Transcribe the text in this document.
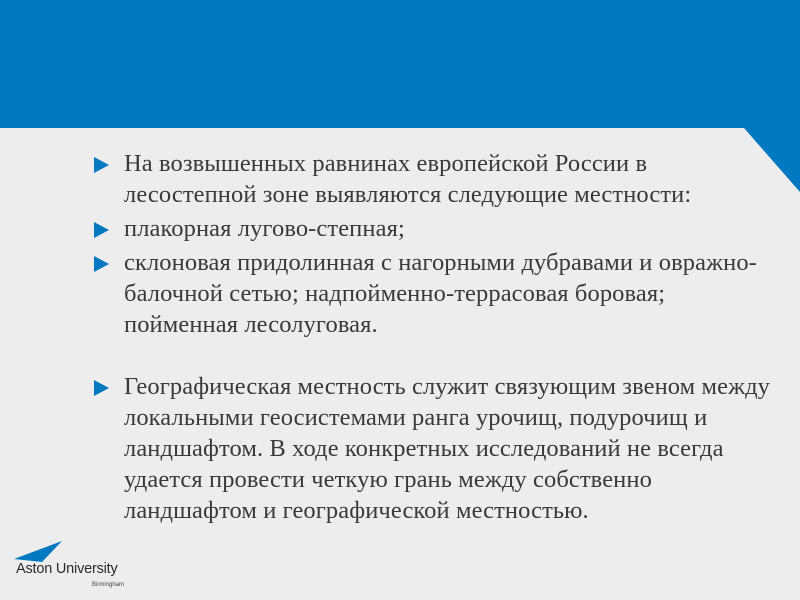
На возвышенных равнинах европейской России в лесостепной зоне выявляются следующие местности:
плакорная лугово-степная;
склоновая придолинная с нагорными дубравами и овражно-балочной сетью; надпойменно-террасовая боровая; пойменная лесолуговая.
Географическая местность служит связующим звеном между локальными геосистемами ранга урочищ, подурочищ и ландшафтом. В ходе конкретных исследований не всегда удается провести четкую грань между собственно ландшафтом и географической местностью.
Aston University
Birmingham
